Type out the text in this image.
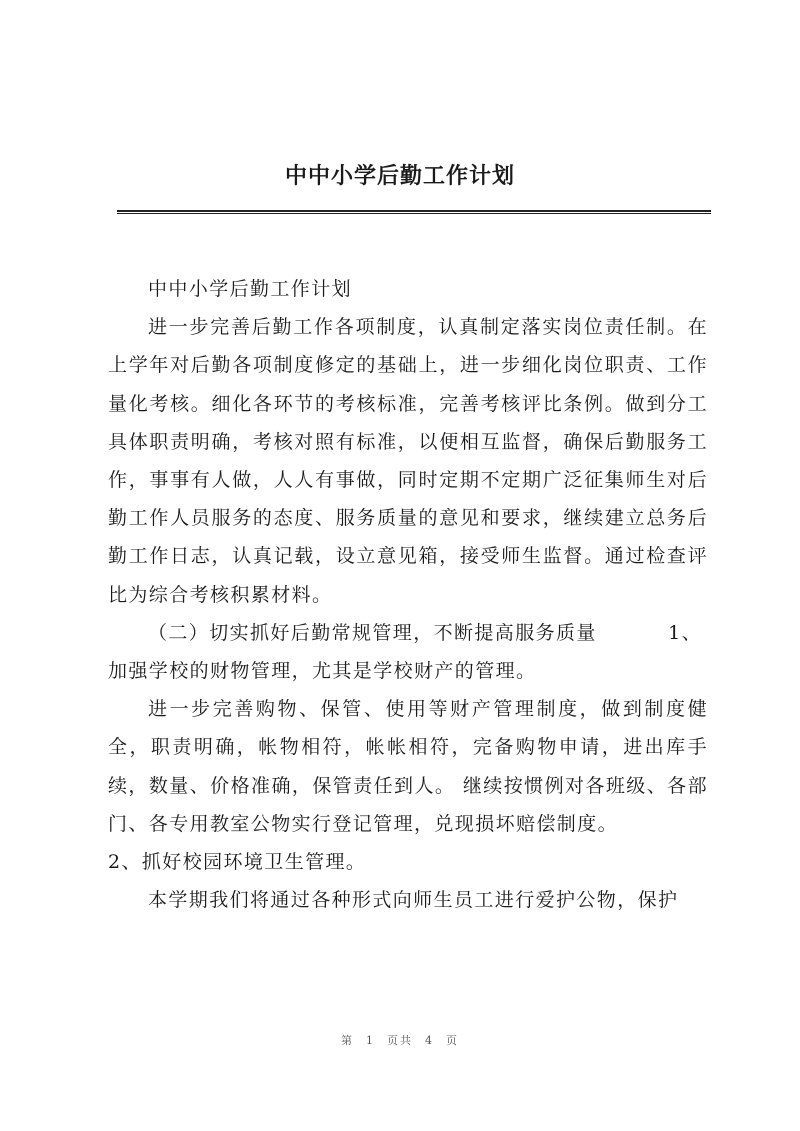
中中小学后勤工作计划

中中小学后勤工作计划

进一步完善后勤工作各项制度，认真制定落实岗位责任制。在上学年对后勤各项制度修定的基础上，进一步细化岗位职责、工作量化考核。细化各环节的考核标准，完善考核评比条例。做到分工具体职责明确，考核对照有标准，以便相互监督，确保后勤服务工作，事事有人做，人人有事做，同时定期不定期广泛征集师生对后勤工作人员服务的态度、服务质量的意见和要求，继续建立总务后勤工作日志，认真记载，设立意见箱，接受师生监督。通过检查评比为综合考核积累材料。

（二）切实抓好后勤常规管理，不断提高服务质量	1、

加强学校的财物管理，尤其是学校财产的管理。

进一步完善购物、保管、使用等财产管理制度，做到制度健全，职责明确，帐物相符，帐帐相符，完备购物申请，进出库手续，数量、价格准确，保管责任到人。 继续按惯例对各班级、各部门、各专用教室公物实行登记管理，兑现损坏赔偿制度。

2、抓好校园环境卫生管理。

本学期我们将通过各种形式向师生员工进行爱护公物，保护

第 1 页共 4 页
